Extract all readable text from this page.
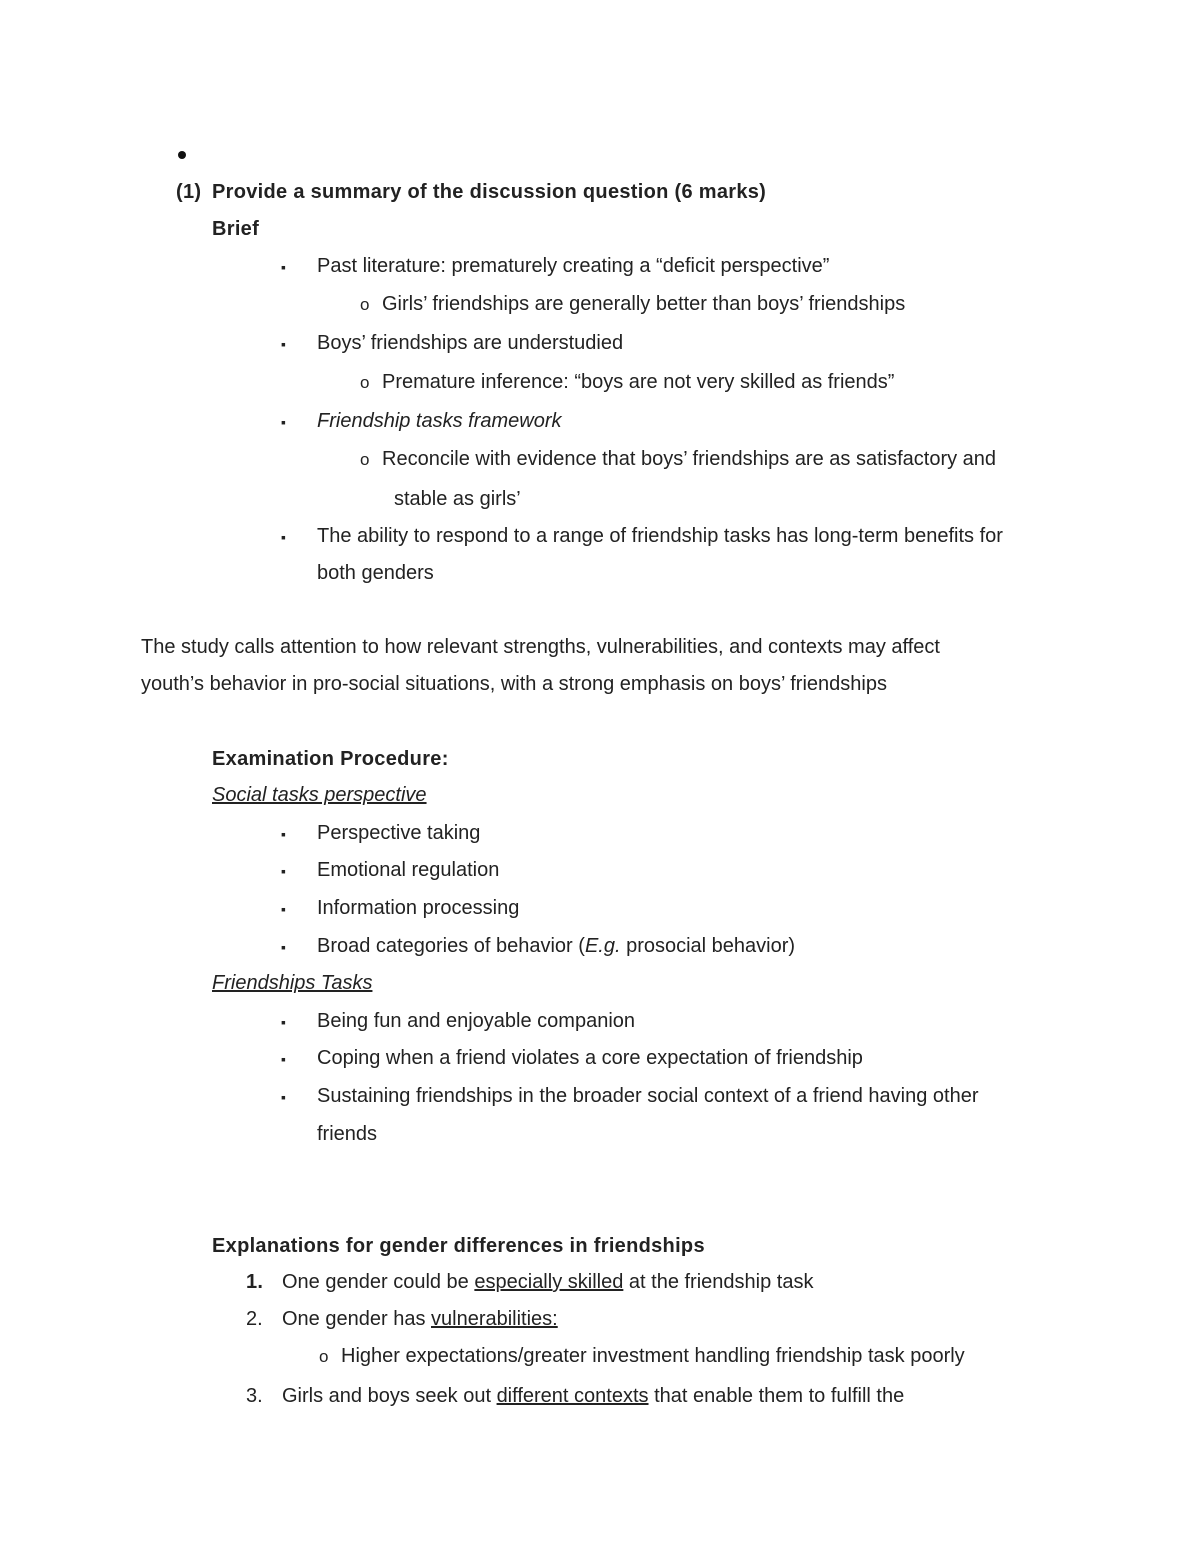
(1) Provide a summary of the discussion question (6 marks)
Brief
▪ Past literature: prematurely creating a “deficit perspective”
o Girls’ friendships are generally better than boys’ friendships
▪ Boys’ friendships are understudied
o Premature inference: “boys are not very skilled as friends”
▪ Friendship tasks framework
o Reconcile with evidence that boys’ friendships are as satisfactory and
stable as girls’
▪ The ability to respond to a range of friendship tasks has long-term benefits for
both genders
The study calls attention to how relevant strengths, vulnerabilities, and contexts may affect
youth’s behavior in pro-social situations, with a strong emphasis on boys’ friendships
Examination Procedure:
Social tasks perspective
▪ Perspective taking
▪ Emotional regulation
▪ Information processing
▪ Broad categories of behavior (E.g. prosocial behavior)
Friendships Tasks
▪ Being fun and enjoyable companion
▪ Coping when a friend violates a core expectation of friendship
▪ Sustaining friendships in the broader social context of a friend having other
friends
Explanations for gender differences in friendships
1. One gender could be especially skilled at the friendship task
2. One gender has vulnerabilities:
o Higher expectations/greater investment handling friendship task poorly
3. Girls and boys seek out different contexts that enable them to fulfill the
